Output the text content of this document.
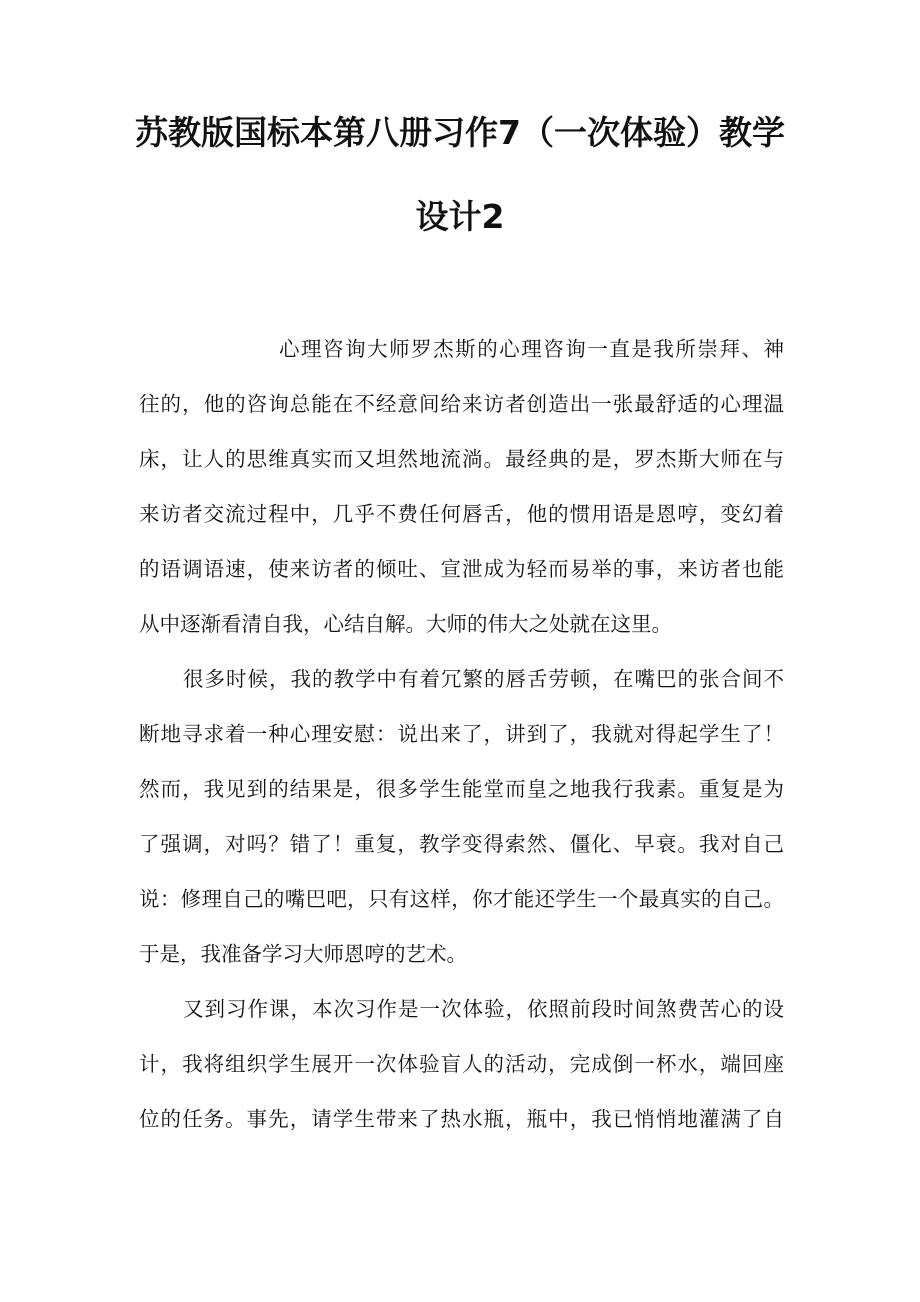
苏教版国标本第八册习作7（一次体验）教学
设计2

心理咨询大师罗杰斯的心理咨询一直是我所崇拜、神

往的，他的咨询总能在不经意间给来访者创造出一张最舒适的心理温

床，让人的思维真实而又坦然地流淌。最经典的是，罗杰斯大师在与

来访者交流过程中，几乎不费任何唇舌，他的惯用语是恩哼，变幻着

的语调语速，使来访者的倾吐、宣泄成为轻而易举的事，来访者也能

从中逐渐看清自我，心结自解。大师的伟大之处就在这里。

很多时候，我的教学中有着冗繁的唇舌劳顿，在嘴巴的张合间不

断地寻求着一种心理安慰：说出来了，讲到了，我就对得起学生了！

然而，我见到的结果是，很多学生能堂而皇之地我行我素。重复是为

了强调，对吗？错了！重复，教学变得索然、僵化、早衰。我对自己

说：修理自己的嘴巴吧，只有这样，你才能还学生一个最真实的自己。

于是，我准备学习大师恩哼的艺术。

又到习作课，本次习作是一次体验，依照前段时间煞费苦心的设

计，我将组织学生展开一次体验盲人的活动，完成倒一杯水，端回座

位的任务。事先，请学生带来了热水瓶，瓶中，我已悄悄地灌满了自
